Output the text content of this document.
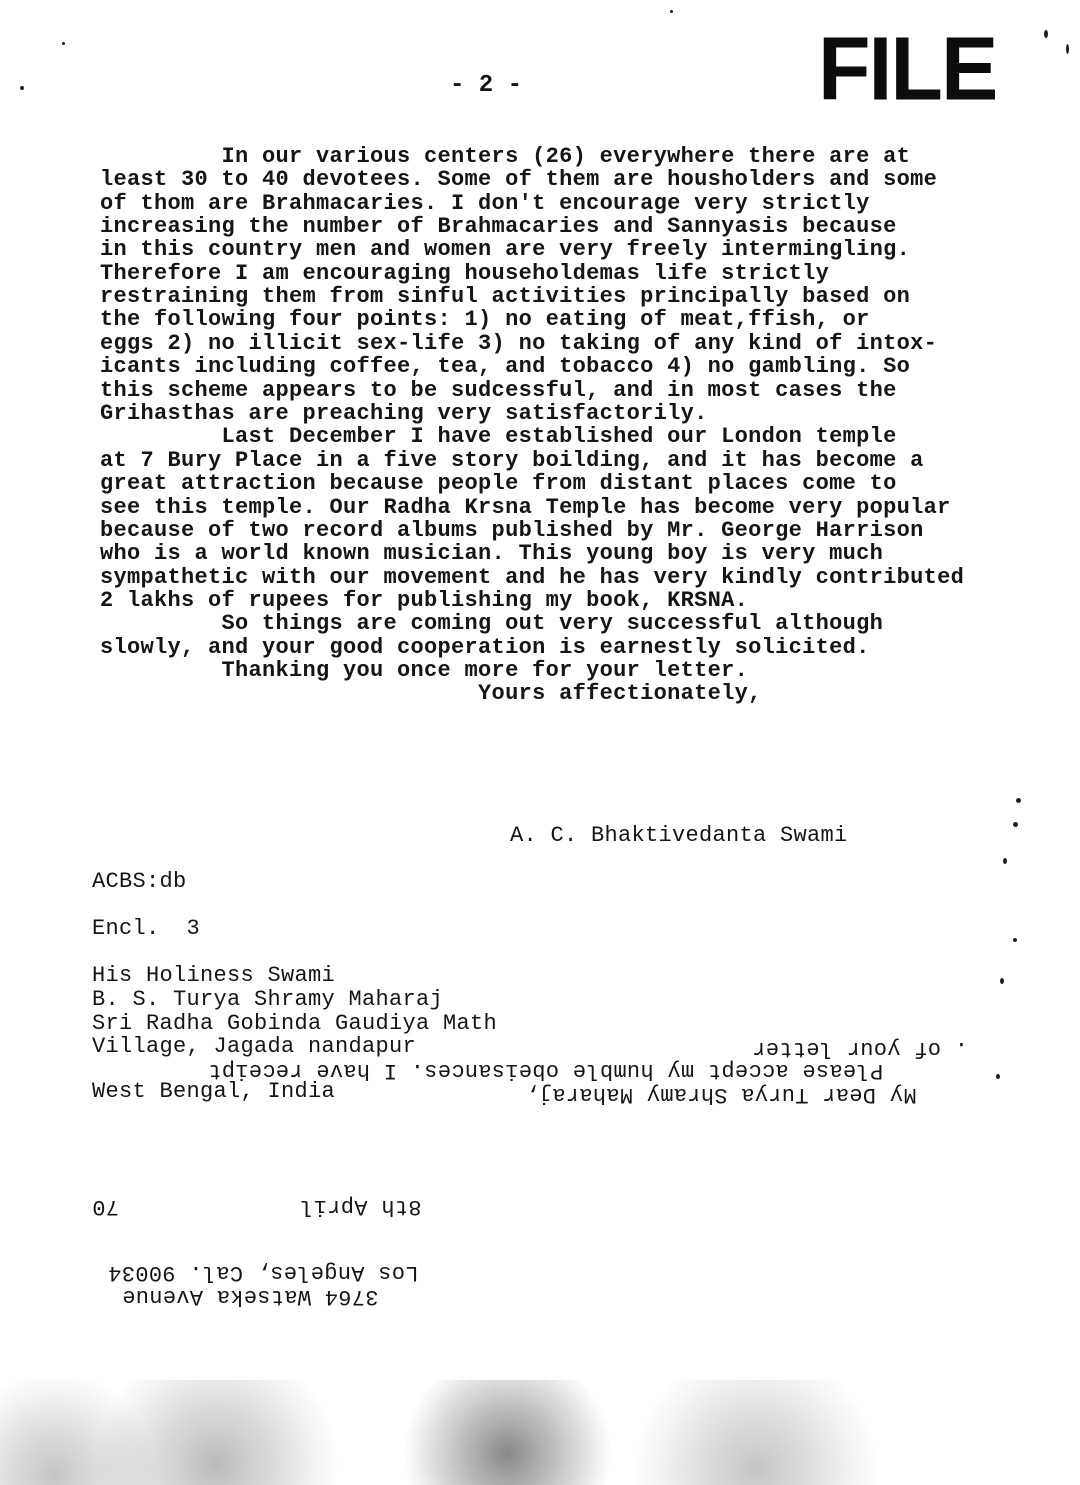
FILE
- 2 -
In our various centers (26) everywhere there are at
least 30 to 40 devotees. Some of them are housholders and some
of thom are Brahmacaries. I don't encourage very strictly
increasing the number of Brahmacaries and Sannyasis because
in this country men and women are very freely intermingling.
Therefore I am encouraging householdemas life strictly
restraining them from sinful activities principally based on
the following four points: 1) no eating of meat,ffish, or
eggs 2) no illicit sex-life 3) no taking of any kind of intox-
icants including coffee, tea, and tobacco 4) no gambling. So
this scheme appears to be sudcessful, and in most cases the
Grihasthas are preaching very satisfactorily.
Last December I have established our London temple
at 7 Bury Place in a five story boilding, and it has become a
great attraction because people from distant places come to
see this temple. Our Radha Krsna Temple has become very popular
because of two record albums published by Mr. George Harrison
who is a world known musician. This young boy is very much
sympathetic with our movement and he has very kindly contributed
2 lakhs of rupees for publishing my book, KRSNA.
So things are coming out very successful although
slowly, and your good cooperation is earnestly solicited.
Thanking you once more for your letter.
Yours affectionately,
A. C. Bhaktivedanta Swami
ACBS:db
Encl.  3
His Holiness Swami
B. S. Turya Shramy Maharaj
Sri Radha Gobinda Gaudiya Math
Village, Jagada nandapur
West Bengal, India
. of your letter
Please accept my humble obeisances. I have receipt
My Dear Turya Shramy Maharaj,
70	8th April
Los Angeles, Cal. 90034
3764 Watseka Avenue
